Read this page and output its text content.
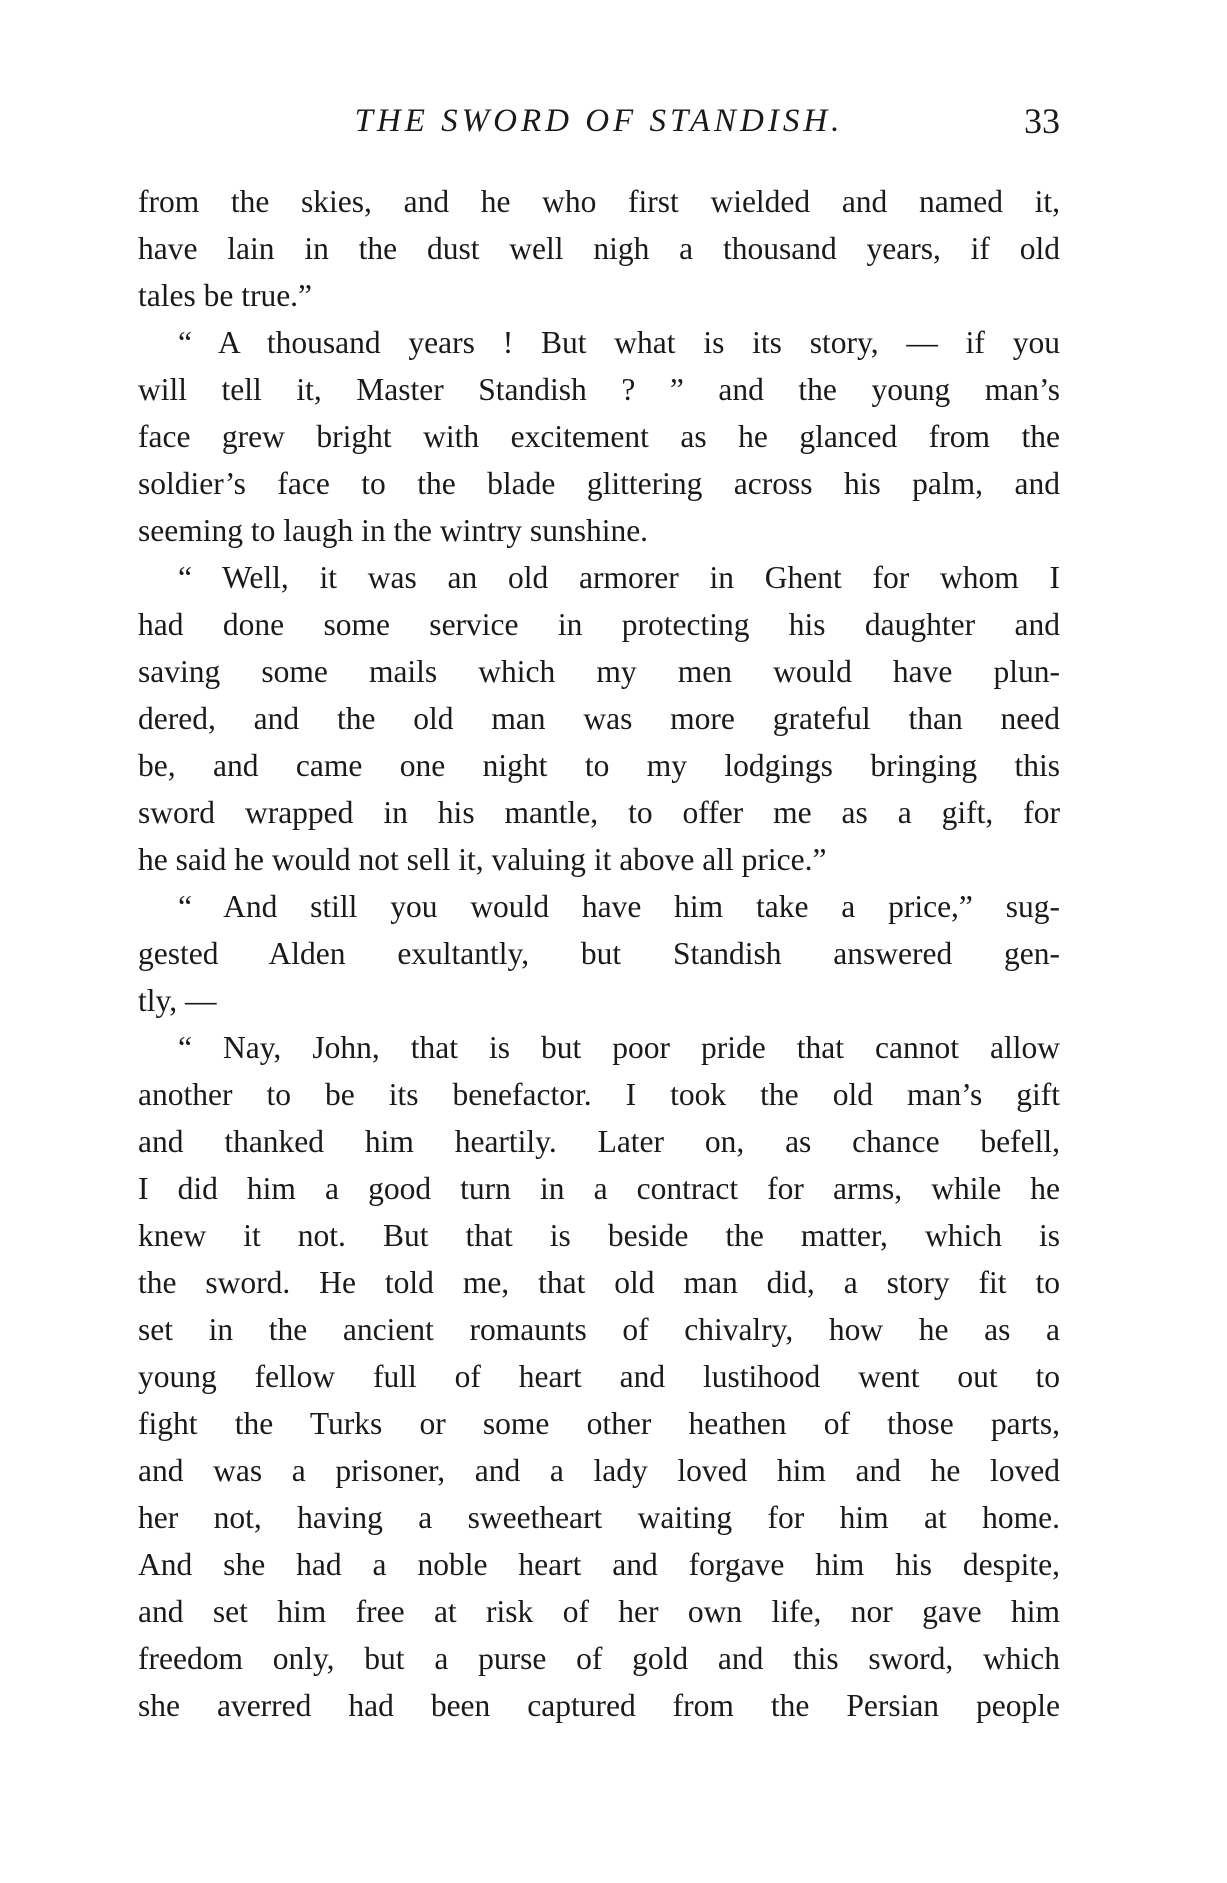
THE SWORD OF STANDISH.	33
from the skies, and he who first wielded and named it,
have lain in the dust well nigh a thousand years, if old
tales be true.”
“ A thousand years ! But what is its story, — if you
will tell it, Master Standish ? ” and the young man’s
face grew bright with excitement as he glanced from the
soldier’s face to the blade glittering across his palm, and
seeming to laugh in the wintry sunshine.
“ Well, it was an old armorer in Ghent for whom I
had done some service in protecting his daughter and
saving some mails which my men would have plun-
dered, and the old man was more grateful than need
be, and came one night to my lodgings bringing this
sword wrapped in his mantle, to offer me as a gift, for
he said he would not sell it, valuing it above all price.”
“ And still you would have him take a price,” sug-
gested Alden exultantly, but Standish answered gen-
tly, —
“ Nay, John, that is but poor pride that cannot allow
another to be its benefactor. I took the old man’s gift
and thanked him heartily. Later on, as chance befell,
I did him a good turn in a contract for arms, while he
knew it not. But that is beside the matter, which is
the sword. He told me, that old man did, a story fit to
set in the ancient romaunts of chivalry, how he as a
young fellow full of heart and lustihood went out to
fight the Turks or some other heathen of those parts,
and was a prisoner, and a lady loved him and he loved
her not, having a sweetheart waiting for him at home.
And she had a noble heart and forgave him his despite,
and set him free at risk of her own life, nor gave him
freedom only, but a purse of gold and this sword, which
she averred had been captured from the Persian people
